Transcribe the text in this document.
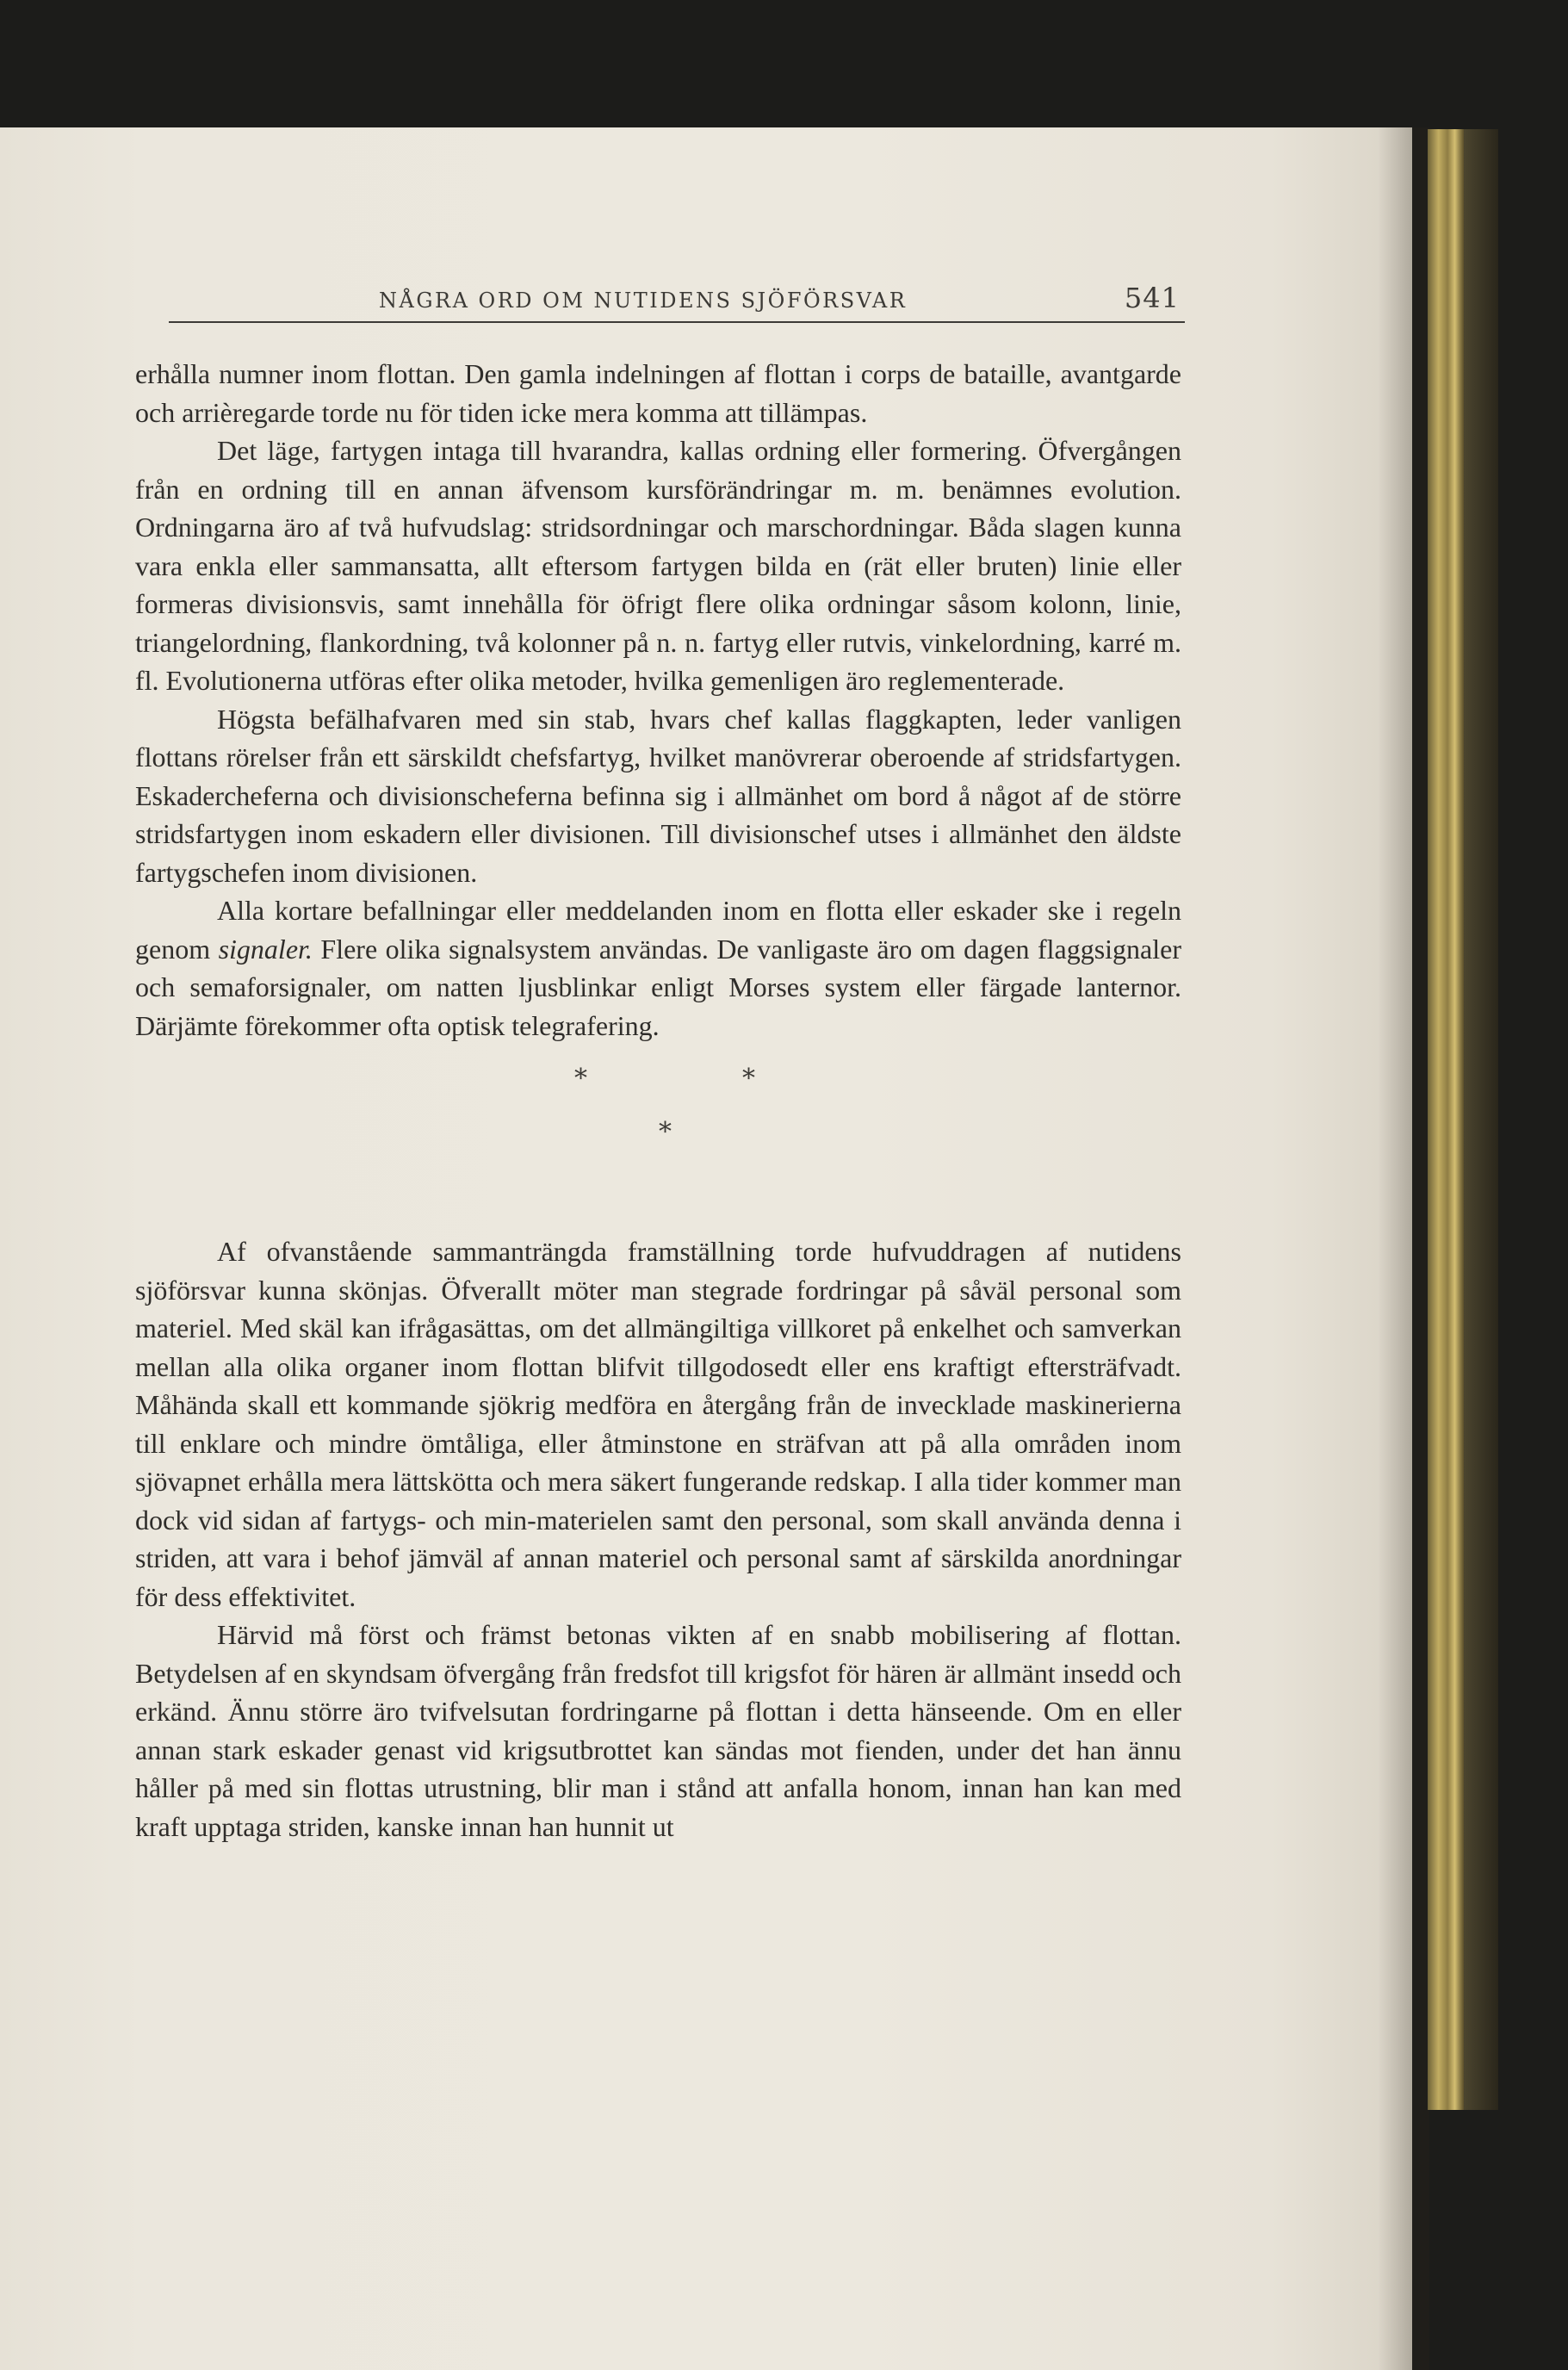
NÅGRA ORD OM NUTIDENS SJÖFÖRSVAR	541

erhålla numner inom flottan. Den gamla indelningen af flottan i corps de bataille, avantgarde och arrièregarde torde nu för tiden icke mera komma att tillämpas.

Det läge, fartygen intaga till hvarandra, kallas ordning eller formering. Öfvergången från en ordning till en annan äfvensom kursförändringar m. m. benämnes evolution. Ordningarna äro af två hufvudslag: stridsordningar och marschordningar. Båda slagen kunna vara enkla eller sammansatta, allt eftersom fartygen bilda en (rät eller bruten) linie eller formeras divisionsvis, samt innehålla för öfrigt flere olika ordningar såsom kolonn, linie, triangelordning, flankordning, två kolonner på n. n. fartyg eller rutvis, vinkelordning, karré m. fl. Evolutionerna utföras efter olika metoder, hvilka gemenligen äro reglementerade.

Högsta befälhafvaren med sin stab, hvars chef kallas flaggkapten, leder vanligen flottans rörelser från ett särskildt chefsfartyg, hvilket manövrerar oberoende af stridsfartygen. Eskadercheferna och divisionscheferna befinna sig i allmänhet om bord å något af de större stridsfartygen inom eskadern eller divisionen. Till divisionschef utses i allmänhet den äldste fartygschefen inom divisionen.

Alla kortare befallningar eller meddelanden inom en flotta eller eskader ske i regeln genom signaler. Flere olika signalsystem användas. De vanligaste äro om dagen flaggsignaler och semaforsignaler, om natten ljusblinkar enligt Morses system eller färgade lanternor. Därjämte förekommer ofta optisk telegrafering.

*	*
*

Af ofvanstående sammanträngda framställning torde hufvuddragen af nutidens sjöförsvar kunna skönjas. Öfverallt möter man stegrade fordringar på såväl personal som materiel. Med skäl kan ifrågasättas, om det allmängiltiga villkoret på enkelhet och samverkan mellan alla olika organer inom flottan blifvit tillgodosedt eller ens kraftigt eftersträfvadt. Måhända skall ett kommande sjökrig medföra en återgång från de invecklade maskinerierna till enklare och mindre ömtåliga, eller åtminstone en sträfvan att på alla områden inom sjövapnet erhålla mera lättskötta och mera säkert fungerande redskap. I alla tider kommer man dock vid sidan af fartygs- och min-materielen samt den personal, som skall använda denna i striden, att vara i behof jämväl af annan materiel och personal samt af särskilda anordningar för dess effektivitet.

Härvid må först och främst betonas vikten af en snabb mobilisering af flottan. Betydelsen af en skyndsam öfvergång från fredsfot till krigsfot för hären är allmänt insedd och erkänd. Ännu större äro tvifvelsutan fordringarne på flottan i detta hänseende. Om en eller annan stark eskader genast vid krigsutbrottet kan sändas mot fienden, under det han ännu håller på med sin flottas utrustning, blir man i stånd att anfalla honom, innan han kan med kraft upptaga striden, kanske innan han hunnit ut
